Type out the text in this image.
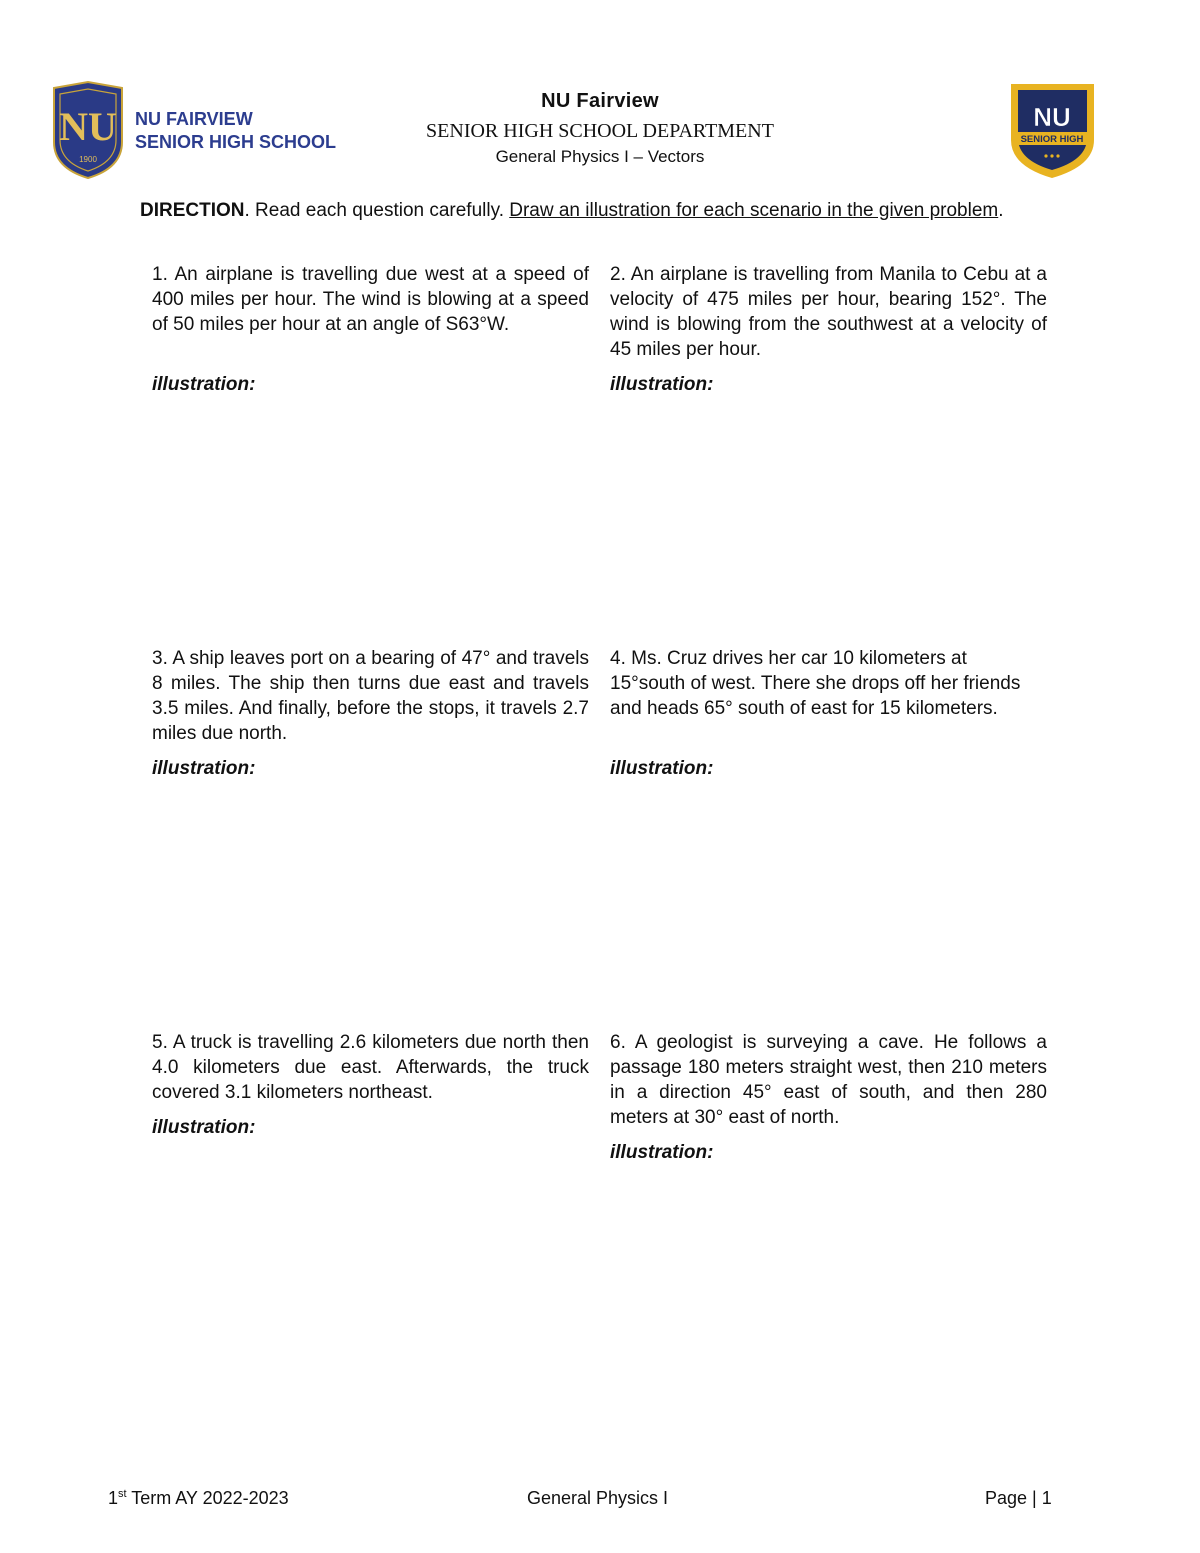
NU
1900
NU FAIRVIEW
SENIOR HIGH SCHOOL
NU
SENIOR HIGH
NU Fairview
SENIOR HIGH SCHOOL DEPARTMENT
General Physics I – Vectors
DIRECTION. Read each question carefully. Draw an illustration for each scenario in the given problem.

1. An airplane is travelling due west at a speed of 400 miles per hour. The wind is blowing at a speed of 50 miles per hour at an angle of S63°W.

illustration:

2. An airplane is travelling from Manila to Cebu at a velocity of 475 miles per hour, bearing 152°. The wind is blowing from the southwest at a velocity of 45 miles per hour.

illustration:

3. A ship leaves port on a bearing of 47° and travels 8 miles. The ship then turns due east and travels 3.5 miles. And finally, before the stops, it travels 2.7 miles due north.

illustration:

4. Ms. Cruz drives her car 10 kilometers at 15°south of west. There she drops off her friends and heads 65° south of east for 15 kilometers.

illustration:

5. A truck is travelling 2.6 kilometers due north then 4.0 kilometers due east. Afterwards, the truck covered 3.1 kilometers northeast.

illustration:

6. A geologist is surveying a cave. He follows a passage 180 meters straight west, then 210 meters in a direction 45° east of south, and then 280 meters at 30° east of north.

illustration:
1st Term AY 2022-2023	General Physics I	Page | 1
